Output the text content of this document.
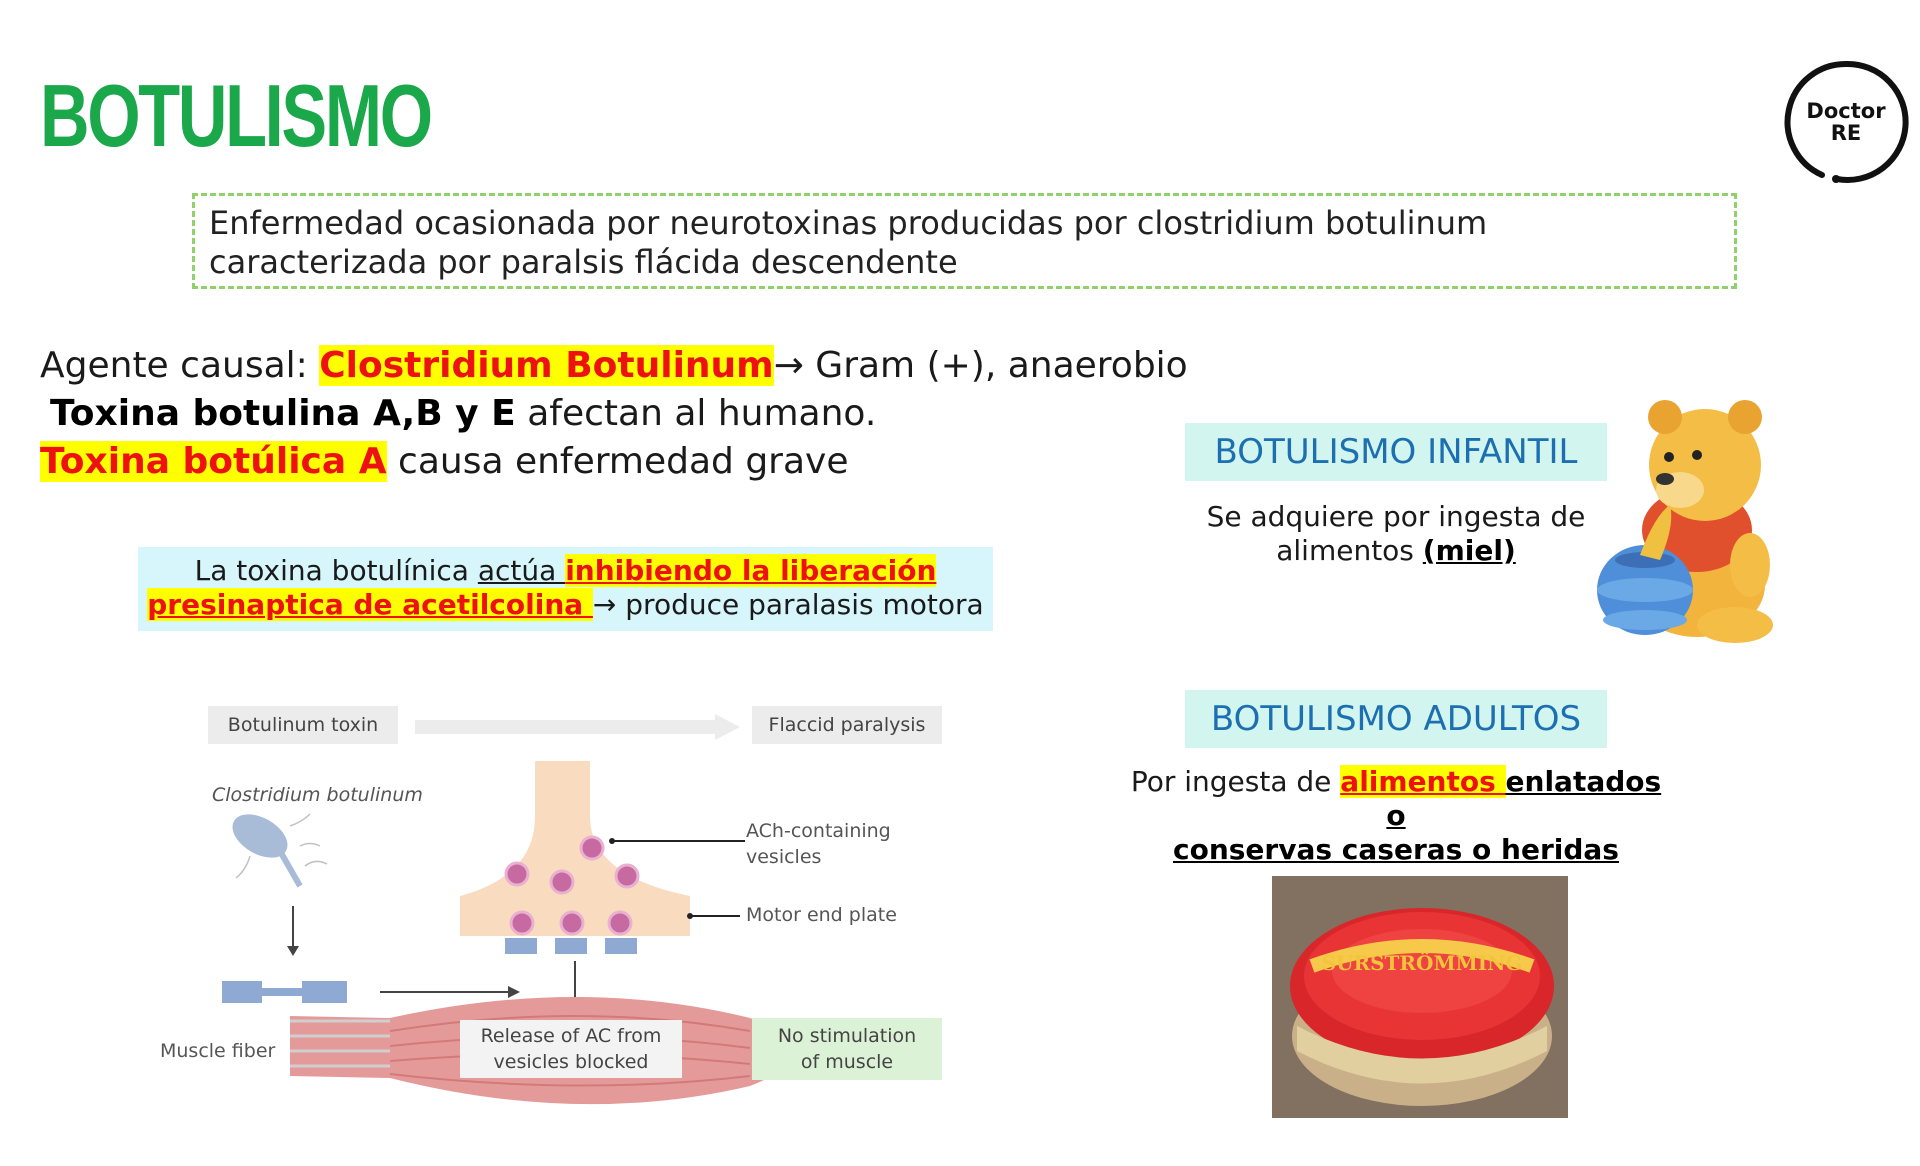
BOTULISMO	Doctor
RE
Enfermedad ocasionada por neurotoxinas producidas por clostridium botulinum
caracterizada por paralsis flácida descendente
Agente causal: Clostridium Botulinum→ Gram (+), anaerobio
Toxina botulina A,B y E afectan al humano.
Toxina botúlica A causa enfermedad grave
La toxina botulínica actúa inhibiendo la liberación
presinaptica de acetilcolina → produce paralasis motora
BOTULISMO INFANTIL
Se adquiere por ingesta de
alimentos (miel)
BOTULISMO ADULTOS
Por ingesta de alimentos enlatados o
conservas caseras o heridas
SURSTRÖMMING
Botulinum toxin	Flaccid paralysis
Clostridium botulinum
ACh-containing
vesicles
Motor end plate
Muscle fiber
Release of AC from
vesicles blocked
No stimulation
of muscle
